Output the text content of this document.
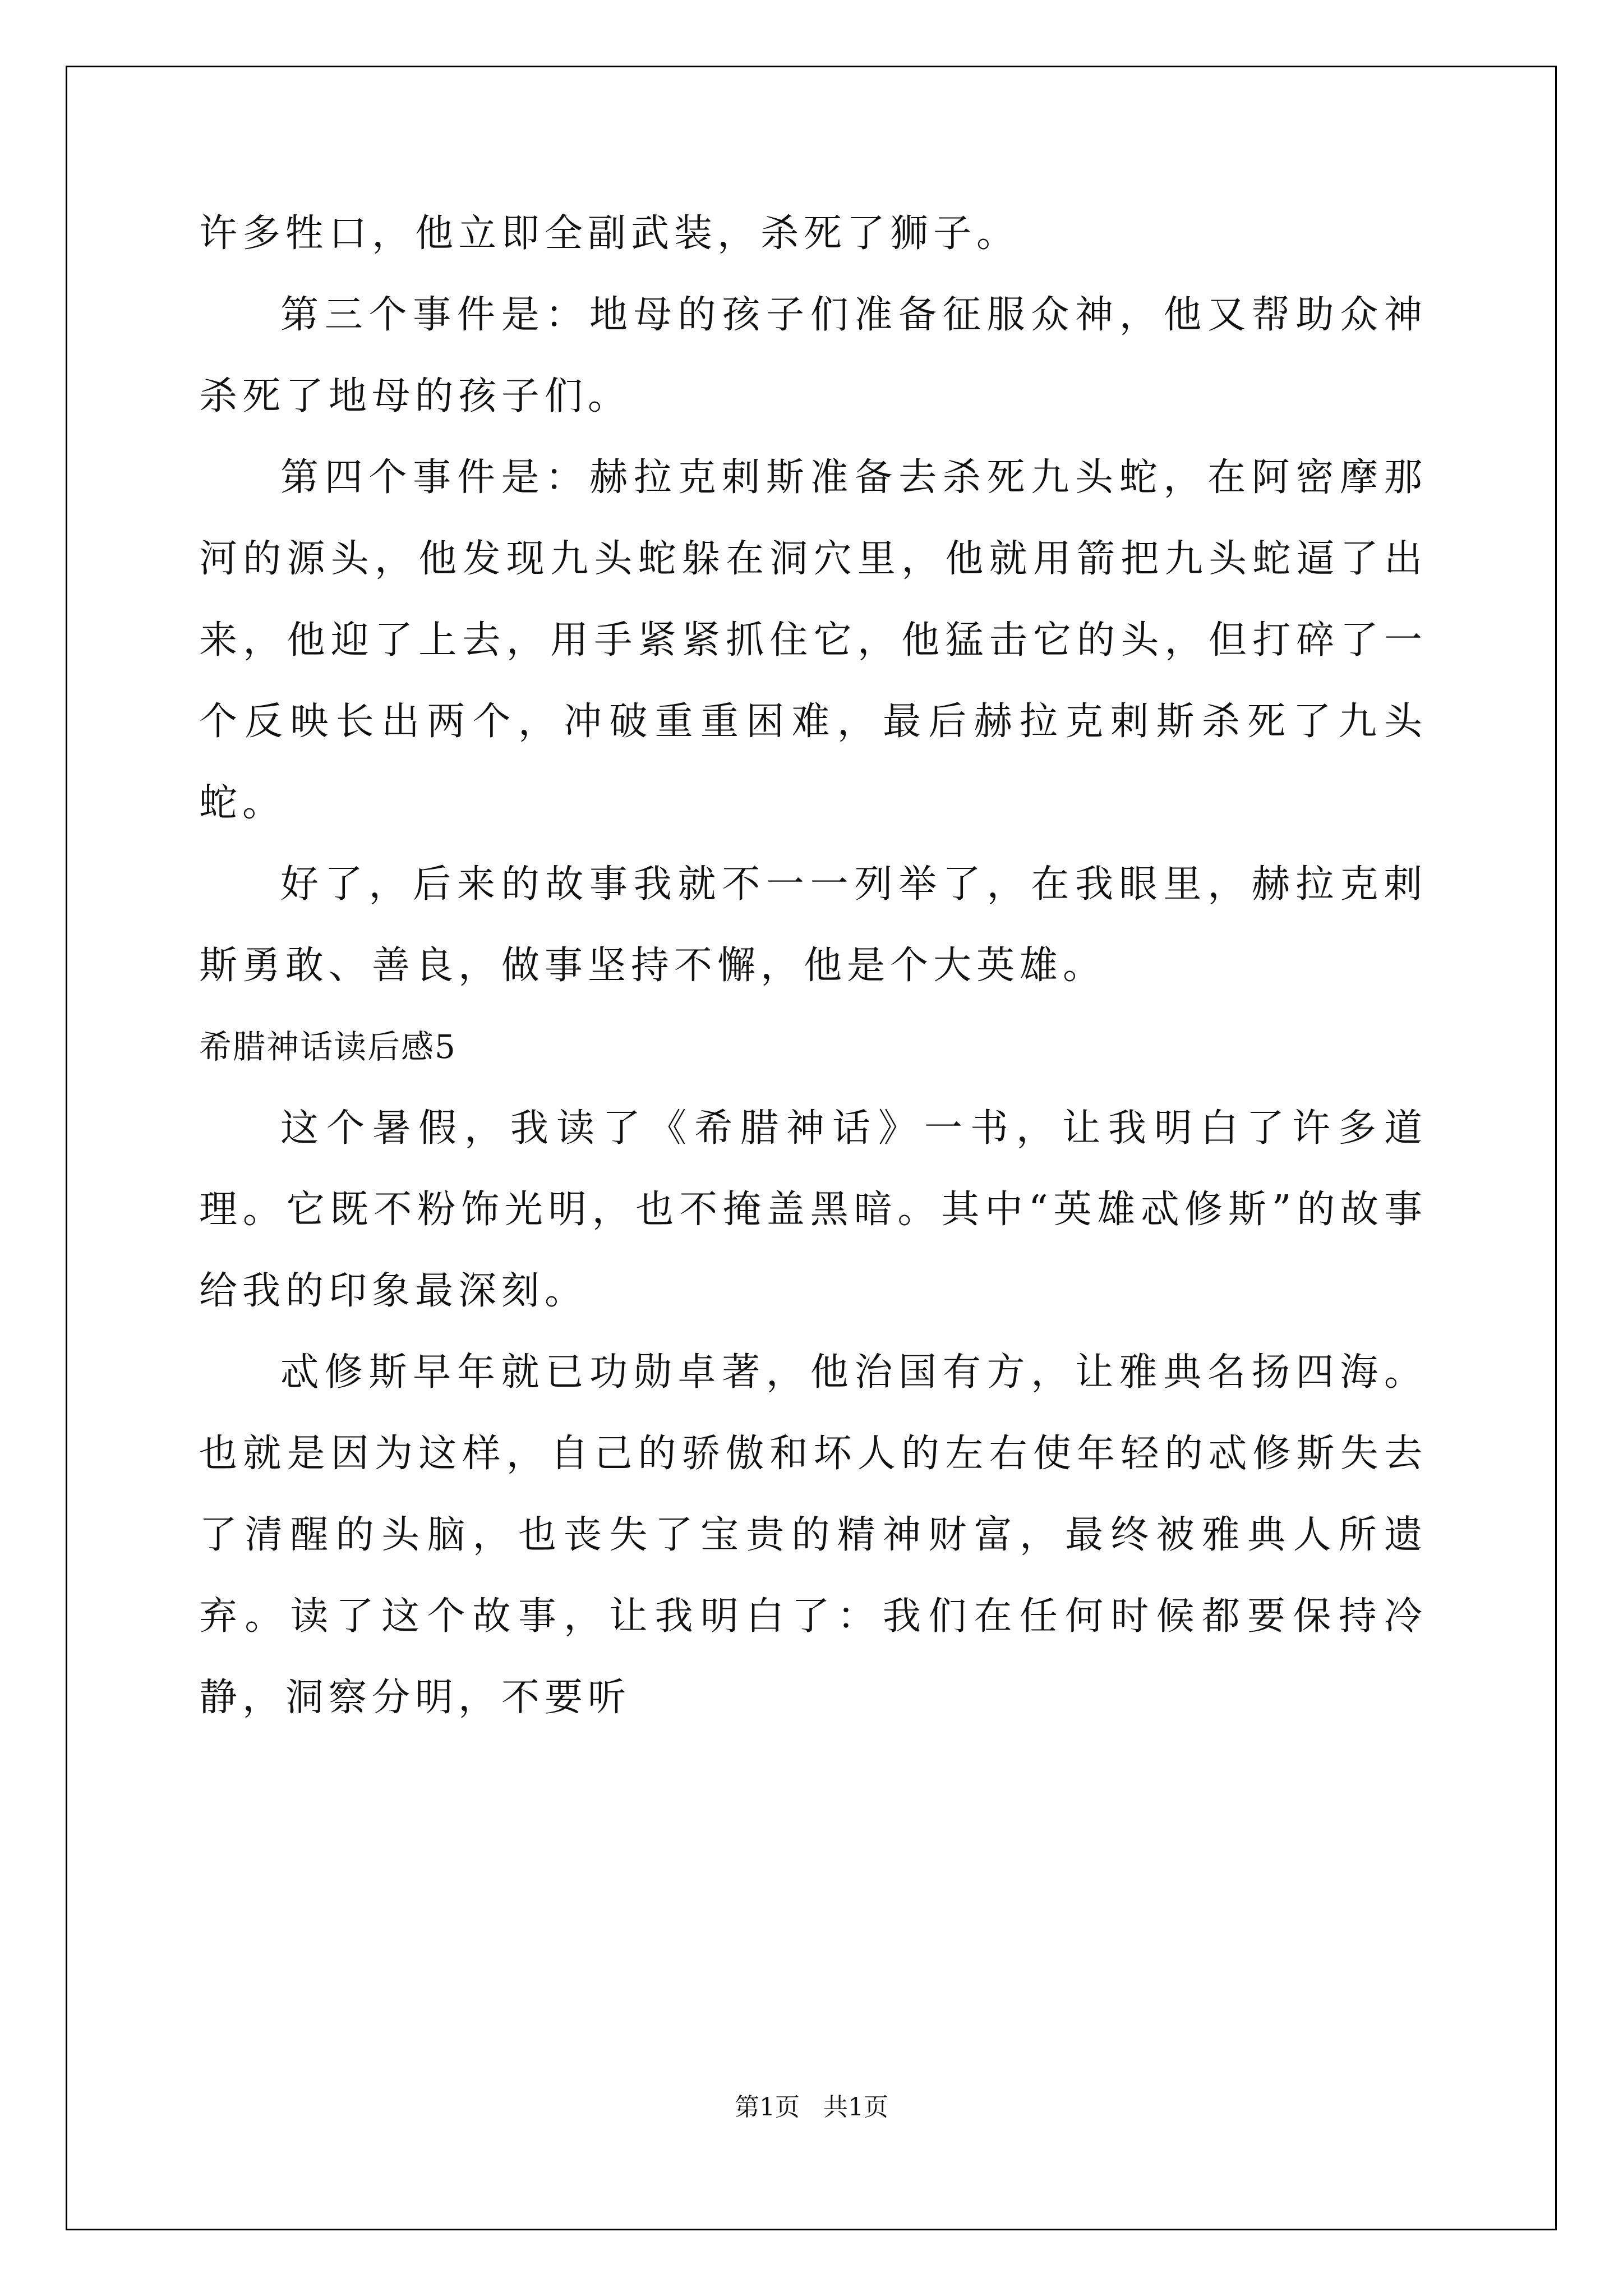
许多牲口，他立即全副武装，杀死了狮子。

第三个事件是：地母的孩子们准备征服众神，他又帮助众神杀死了地母的孩子们。

第四个事件是：赫拉克剌斯准备去杀死九头蛇，在阿密摩那河的源头，他发现九头蛇躲在洞穴里，他就用箭把九头蛇逼了出来，他迎了上去，用手紧紧抓住它，他猛击它的头，但打碎了一个反映长出两个，冲破重重困难，最后赫拉克剌斯杀死了九头蛇。

好了，后来的故事我就不一一列举了，在我眼里，赫拉克剌斯勇敢、善良，做事坚持不懈，他是个大英雄。

希腊神话读后感5

这个暑假，我读了《希腊神话》一书，让我明白了许多道理。它既不粉饰光明，也不掩盖黑暗。其中“英雄忒修斯”的故事给我的印象最深刻。

忒修斯早年就已功勋卓著，他治国有方，让雅典名扬四海。也就是因为这样，自己的骄傲和坏人的左右使年轻的忒修斯失去了清醒的头脑，也丧失了宝贵的精神财富，最终被雅典人所遗弃。读了这个故事，让我明白了：我们在任何时候都要保持冷静，洞察分明，不要听

第1页 共1页
